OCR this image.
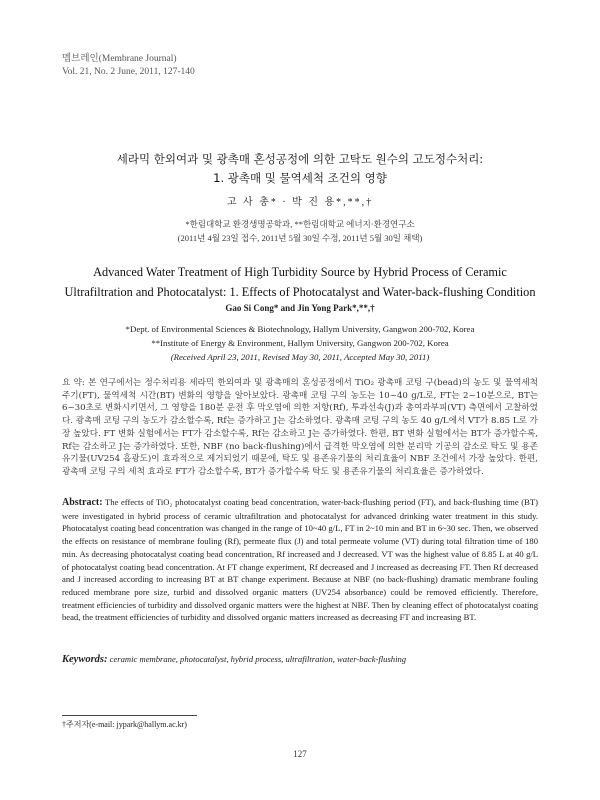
멤브레인(Membrane Journal)
Vol. 21, No. 2 June, 2011, 127-140
세라믹 한외여과 및 광촉매 혼성공정에 의한 고탁도 원수의 고도정수처리:
1. 광촉매 및 물역세척 조건의 영향
고 사 총* · 박 진 용*,**,†
*한림대학교 환경생명공학과, **한림대학교 에너지·환경연구소
(2011년 4월 23일 접수, 2011년 5월 30일 수정, 2011년 5월 30일 채택)
Advanced Water Treatment of High Turbidity Source by Hybrid Process of Ceramic
Ultrafiltration and Photocatalyst: 1. Effects of Photocatalyst and Water-back-flushing Condition
Gao Si Cong* and Jin Yong Park*,**,†
*Dept. of Environmental Sciences & Biotechnology, Hallym University, Gangwon 200-702, Korea
**Institute of Energy & Environment, Hallym University, Gangwon 200-702, Korea
(Received April 23, 2011, Revised May 30, 2011, Accepted May 30, 2011)
요 약: 본 연구에서는 정수처리용 세라믹 한외여과 및 광촉매의 혼성공정에서 TiO₂ 광촉매 코팅 구(bead)의 농도 및 물역세척 주기(FT), 물역세척 시간(BT) 변화의 영향을 알아보았다. 광촉매 코팅 구의 농도는 10~40 g/L로, FT는 2~10분으로, BT는 6~30초로 변화시키면서, 그 영향을 180분 운전 후 막오염에 의한 저항(Rf), 투과선속(J)과 총여과부피(VT) 측면에서 고찰하였다. 광촉매 코팅 구의 농도가 감소할수록, Rf는 증가하고 J는 감소하였다. 광촉매 코팅 구의 농도 40 g/L에서 VT가 8.85 L로 가장 높았다. FT 변화 실험에서는 FT가 감소할수록, Rf는 감소하고 J는 증가하였다. 한편, BT 변화 실험에서는 BT가 증가할수록, Rf는 감소하고 J는 증가하였다. 또한, NBF (no back-flushing)에서 급격한 막오염에 의한 분리막 기공의 감소로 탁도 및 용존유기물(UV254 흡광도)이 효과적으로 제거되었기 때문에, 탁도 및 용존유기물의 처리효율이 NBF 조건에서 가장 높았다. 한편, 광촉매 코팅 구의 세척 효과로 FT가 감소할수록, BT가 증가할수록 탁도 및 용존유기물의 처리효율은 증가하였다.
Abstract: The effects of TiO₂ photocatalyst coating bead concentration, water-back-flushing period (FT), and back-flushing time (BT) were investigated in hybrid process of ceramic ultrafiltration and photocatalyst for advanced drinking water treatment in this study. Photocatalyst coating bead concentration was changed in the range of 10~40 g/L, FT in 2~10 min and BT in 6~30 sec. Then, we observed the effects on resistance of membrane fouling (Rf), permeate flux (J) and total permeate volume (VT) during total filtration time of 180 min. As decreasing photocatalyst coating bead concentration, Rf increased and J decreased. VT was the highest value of 8.85 L at 40 g/L of photocatalyst coating bead concentration. At FT change experiment, Rf decreased and J increased as decreasing FT. Then Rf decreased and J increased according to increasing BT at BT change experiment. Because at NBF (no back-flushing) dramatic membrane fouling reduced membrane pore size, turbid and dissolved organic matters (UV254 absorbance) could be removed efficiently. Therefore, treatment efficiencies of turbidity and dissolved organic matters were the highest at NBF. Then by cleaning effect of photocatalyst coating bead, the treatment efficiencies of turbidity and dissolved organic matters increased as decreasing FT and increasing BT.
Keywords: ceramic membrane, photocatalyst, hybrid process, ultrafiltration, water-back-flushing
†주저자(e-mail: jypark@hallym.ac.kr)
127
